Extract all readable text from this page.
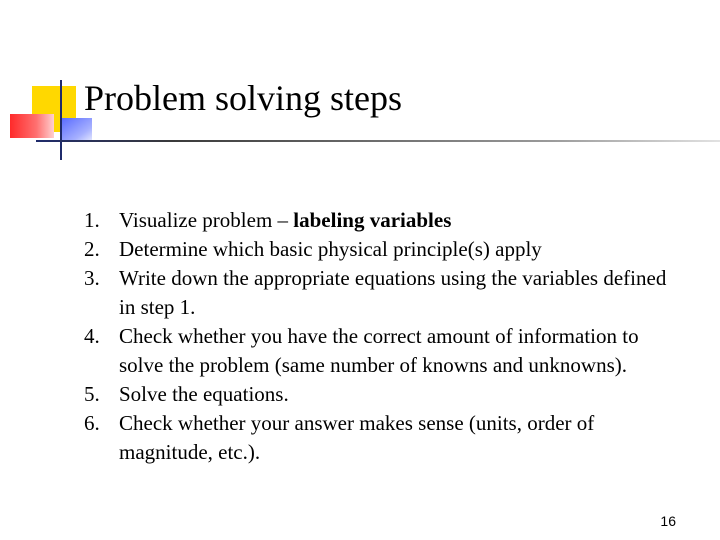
Problem solving steps
1. Visualize problem – labeling variables
2. Determine which basic physical principle(s) apply
3. Write down the appropriate equations using the variables defined in step 1.
4. Check whether you have the correct amount of information to solve the problem (same number of knowns and unknowns).
5. Solve the equations.
6. Check whether your answer makes sense (units, order of magnitude, etc.).
16
